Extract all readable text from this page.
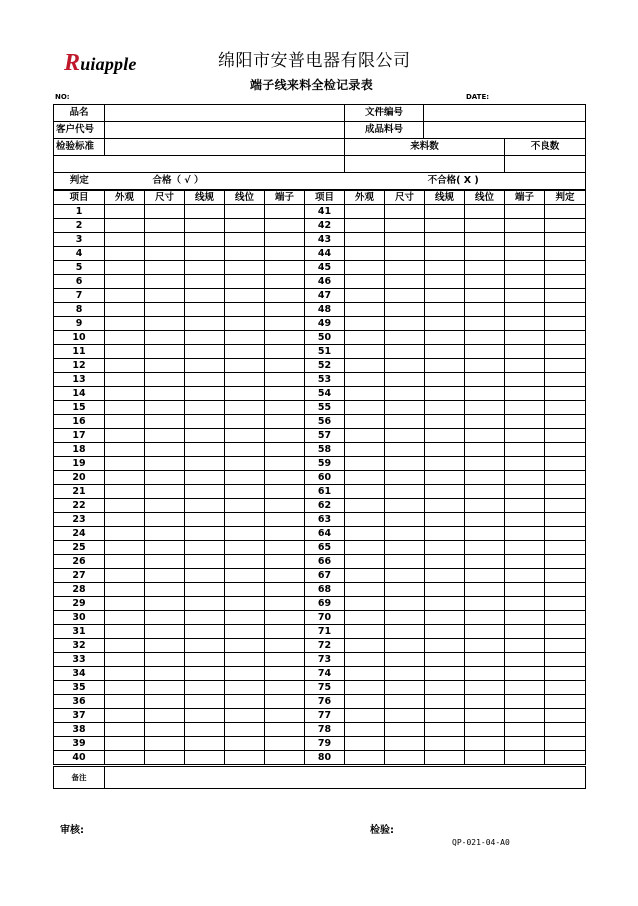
Ruiapple	绵阳市安普电器有限公司
端子线来料全检记录表
NO:	DATE:
品名		文件编号		
客户代号		成品料号		
检验标准		来料数		不良数

判定	合格（ √ ）		不合格( X )	
项目	外观	尺寸	线规	线位	端子	项目	外观	尺寸	线规	线位	端子	判定
1						41						
2						42						
3						43						
4						44						
5						45						
6						46						
7						47						
8						48						
9						49						
10						50						
11						51						
12						52						
13						53						
14						54						
15						55						
16						56						
17						57						
18						58						
19						59						
20						60						
21						61						
22						62						
23						63						
24						64						
25						65						
26						66						
27						67						
28						68						
29						69						
30						70						
31						71						
32						72						
33						73						
34						74						
35						75						
36						76						
37						77						
38						78						
39						79						
40						80						
备注	
审核:	检验:
QP-021-04-A0
